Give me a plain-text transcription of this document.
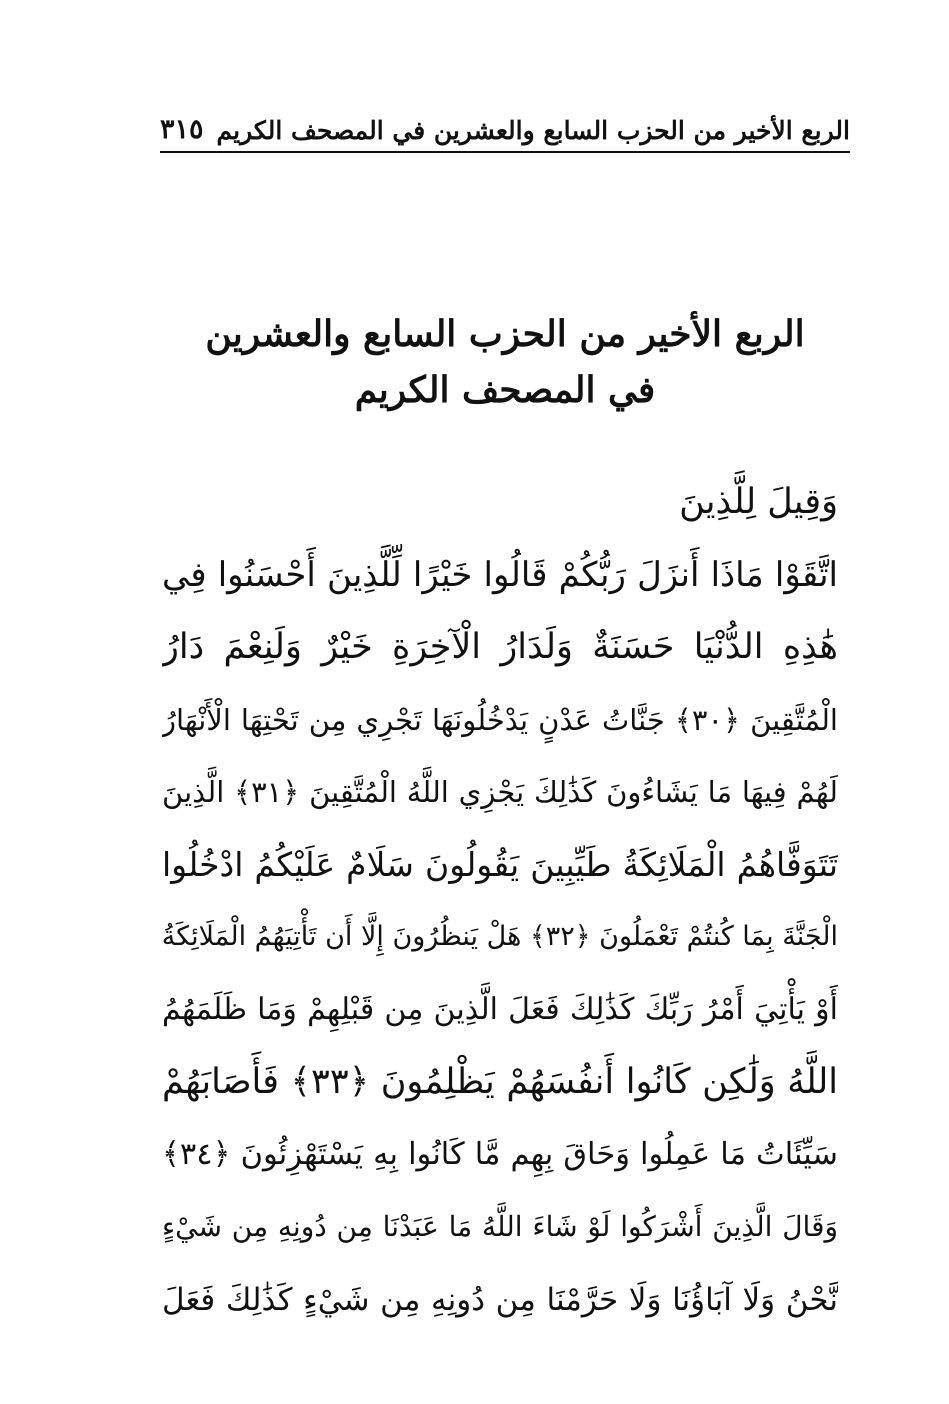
الربع الأخير من الحزب السابع والعشرين في المصحف الكريم
٣١٥
الربع الأخير من الحزب السابع والعشرين
في المصحف الكريم
وَقِيلَ لِلَّذِينَ
اتَّقَوْا مَاذَا أَنزَلَ رَبُّكُمْ قَالُوا خَيْرًا لِّلَّذِينَ أَحْسَنُوا فِي
هَٰذِهِ الدُّنْيَا حَسَنَةٌ وَلَدَارُ الْآخِرَةِ خَيْرٌ وَلَنِعْمَ دَارُ
الْمُتَّقِينَ ﴿٣٠﴾ جَنَّاتُ عَدْنٍ يَدْخُلُونَهَا تَجْرِي مِن تَحْتِهَا الْأَنْهَارُ
لَهُمْ فِيهَا مَا يَشَاءُونَ كَذَٰلِكَ يَجْزِي اللَّهُ الْمُتَّقِينَ ﴿٣١﴾ الَّذِينَ
تَتَوَفَّاهُمُ الْمَلَائِكَةُ طَيِّبِينَ يَقُولُونَ سَلَامٌ عَلَيْكُمُ ادْخُلُوا
الْجَنَّةَ بِمَا كُنتُمْ تَعْمَلُونَ ﴿٣٢﴾ هَلْ يَنظُرُونَ إِلَّا أَن تَأْتِيَهُمُ الْمَلَائِكَةُ
أَوْ يَأْتِيَ أَمْرُ رَبِّكَ كَذَٰلِكَ فَعَلَ الَّذِينَ مِن قَبْلِهِمْ وَمَا ظَلَمَهُمُ
اللَّهُ وَلَٰكِن كَانُوا أَنفُسَهُمْ يَظْلِمُونَ ﴿٣٣﴾ فَأَصَابَهُمْ
سَيِّئَاتُ مَا عَمِلُوا وَحَاقَ بِهِم مَّا كَانُوا بِهِ يَسْتَهْزِئُونَ ﴿٣٤﴾
وَقَالَ الَّذِينَ أَشْرَكُوا لَوْ شَاءَ اللَّهُ مَا عَبَدْنَا مِن دُونِهِ مِن شَيْءٍ
نَّحْنُ وَلَا آبَاؤُنَا وَلَا حَرَّمْنَا مِن دُونِهِ مِن شَيْءٍ كَذَٰلِكَ فَعَلَ
